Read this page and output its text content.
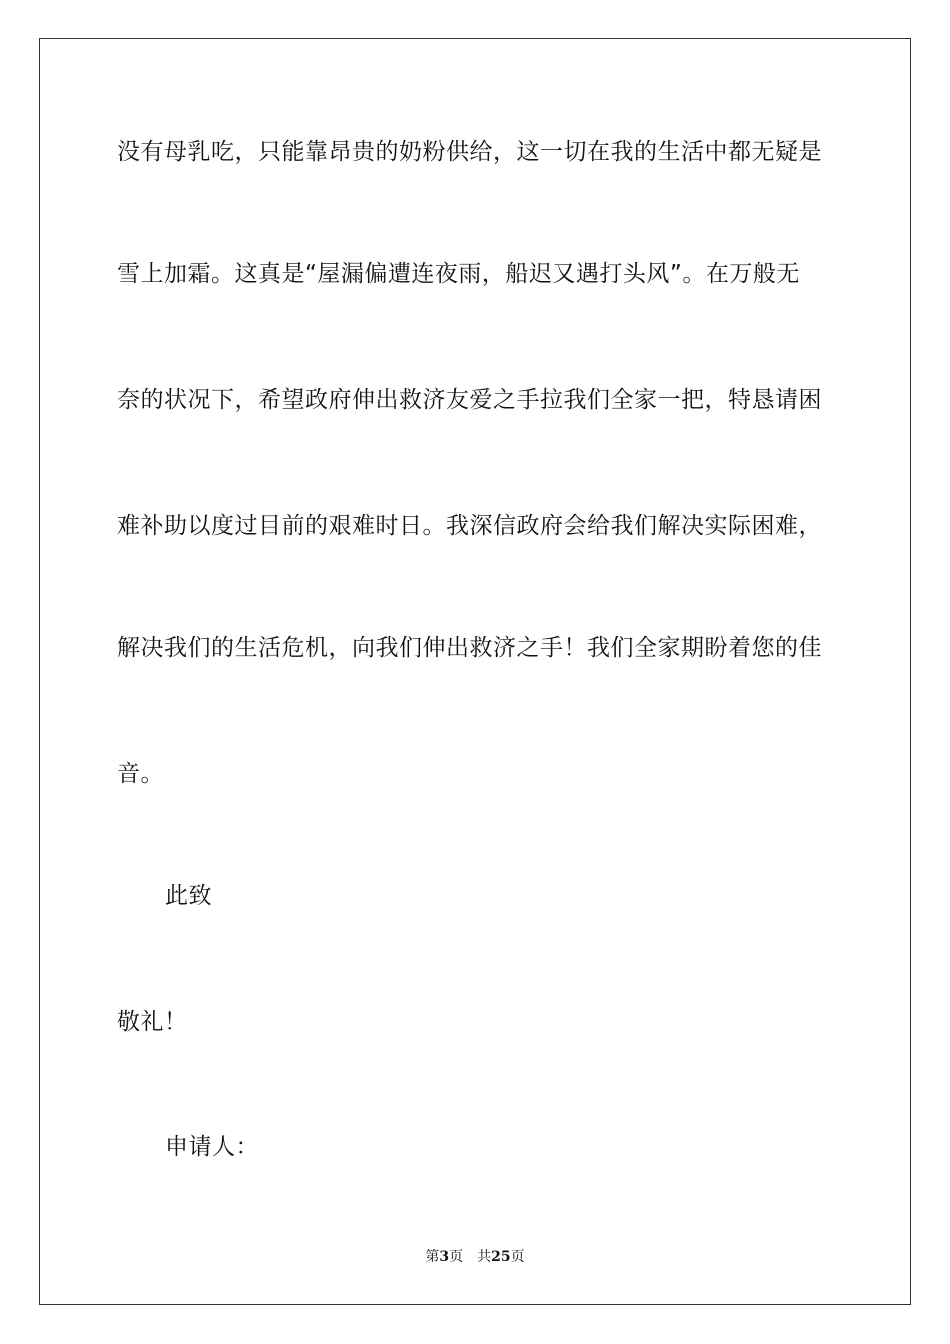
没有母乳吃，只能靠昂贵的奶粉供给，这一切在我的生活中都无疑是
雪上加霜。这真是“屋漏偏遭连夜雨，船迟又遇打头风”。在万般无
奈的状况下，希望政府伸出救济友爱之手拉我们全家一把，特恳请困
难补助以度过目前的艰难时日。我深信政府会给我们解决实际困难，
解决我们的生活危机，向我们伸出救济之手！我们全家期盼着您的佳
音。
此致
敬礼！
申请人：
第3页 共25页
